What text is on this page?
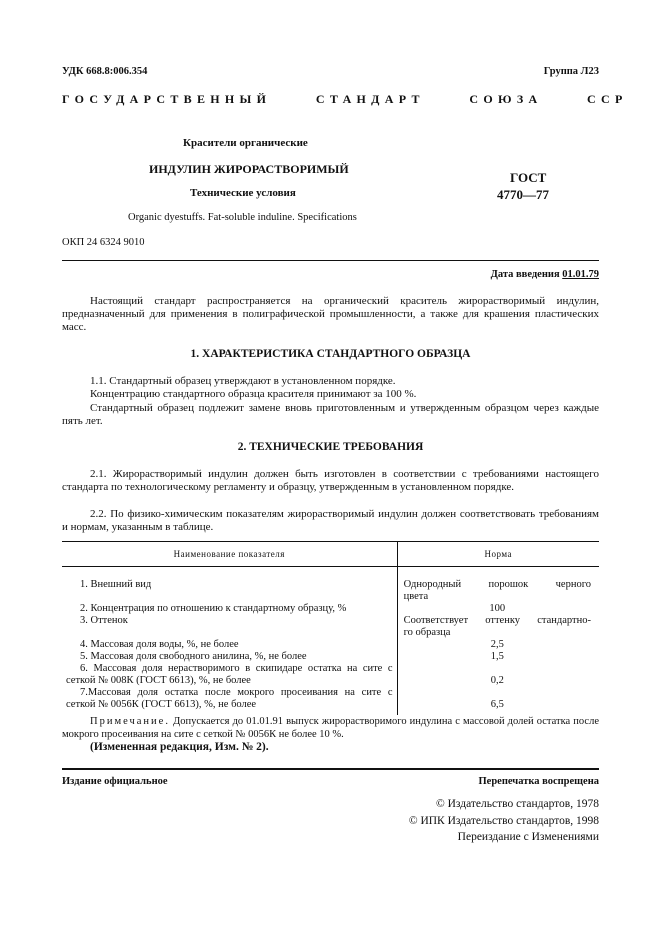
УДК 668.8:006.354	Группа Л23
ГОСУДАРСТВЕННЫЙ	СТАНДАРТ	СОЮЗА	ССР
Красители органические
ИНДУЛИН ЖИРОРАСТВОРИМЫЙ
Технические условия
ГОСТ
4770—77
Organic dyestuffs. Fat-soluble induline. Specifications
ОКП 24 6324 9010
Дата введения 01.01.79
Настоящий стандарт распространяется на органический краситель жирорастворимый индулин, предназначенный для применения в полиграфической промышленности, а также для крашения пластических масс.
1. ХАРАКТЕРИСТИКА СТАНДАРТНОГО ОБРАЗЦА
1.1. Стандартный образец утверждают в установленном порядке.
Концентрацию стандартного образца красителя принимают за 100 %.
Стандартный образец подлежит замене вновь приготовленным и утвержденным образцом через каждые пять лет.
2. ТЕХНИЧЕСКИЕ ТРЕБОВАНИЯ
2.1. Жирорастворимый индулин должен быть изготовлен в соответствии с требованиями настоящего стандарта по технологическому регламенту и образцу, утвержденным в установленном порядке.
2.2. По физико-химическим показателям жирорастворимый индулин должен соответствовать требованиям и нормам, указанным в таблице.
Наименование показателя	Норма

1. Внешний вид	Однородный порошок черного
цвета

2. Концентрация по отношению к стандартному образцу, %	100

3. Оттенок	Соответствует оттенку стандартно-
го образца

4. Массовая доля воды, %, не более	2,5

5. Массовая доля свободного анилина, %, не более	1,5

6. Массовая доля нерастворимого в скипидаре остатка на сите с
сеткой № 008К (ГОСТ 6613), %, не более	0,2

7.Массовая доля остатка после мокрого просеивания на сите с
сеткой № 0056К (ГОСТ 6613), %, не более	6,5
Примечание. Допускается до 01.01.91 выпуск жирорастворимого индулина с массовой долей остатка после мокрого просеивания на сите с сеткой № 0056К не более 10 %.
(Измененная редакция, Изм. № 2).
Издание официальное	Перепечатка воспрещена
© Издательство стандартов, 1978
© ИПК Издательство стандартов, 1998
Переиздание с Изменениями
